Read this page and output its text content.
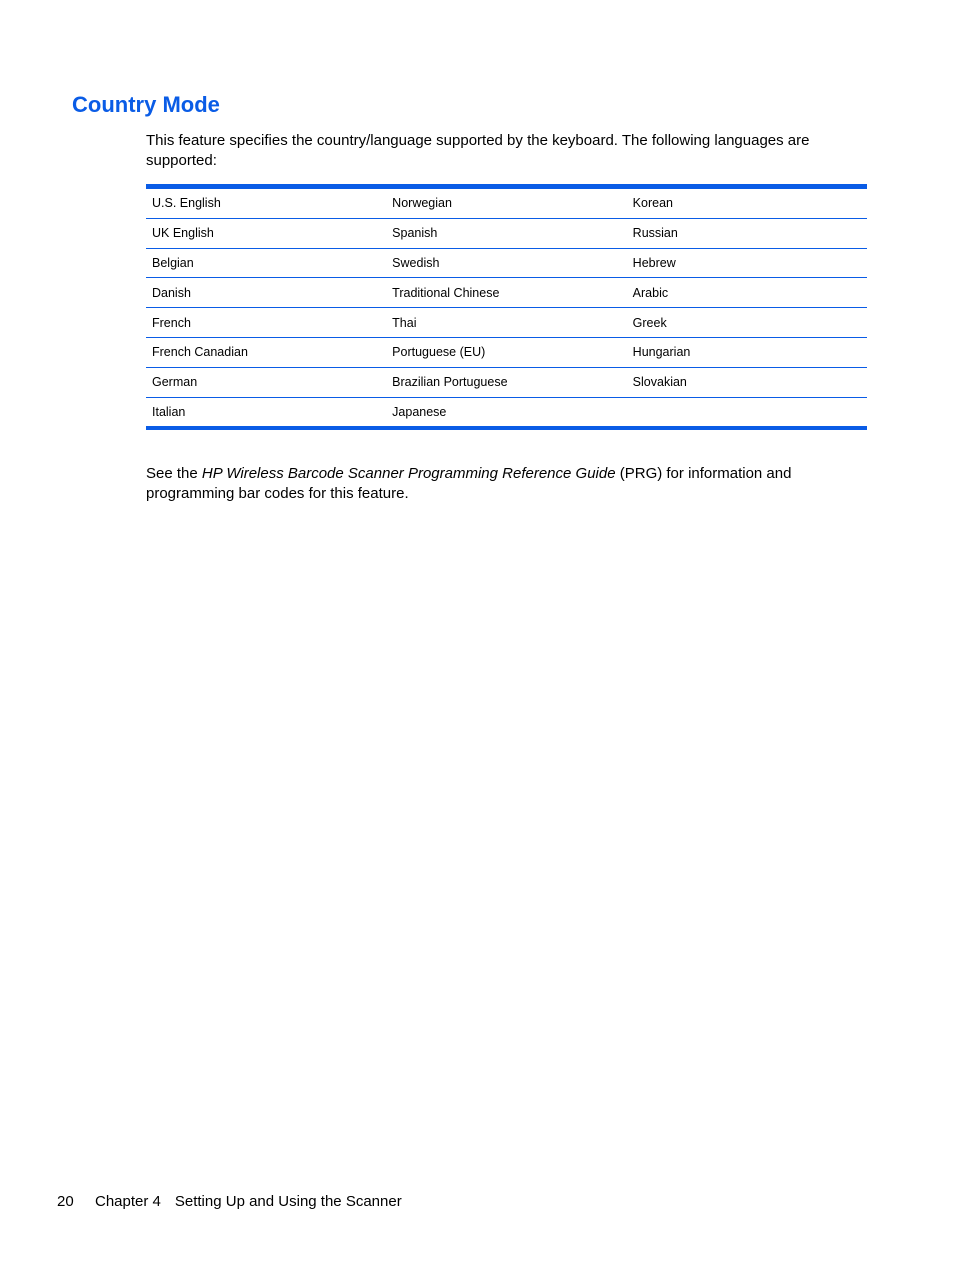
Country Mode

This feature specifies the country/language supported by the keyboard. The following languages are supported:

U.S. English	Norwegian	Korean
UK English	Spanish	Russian
Belgian	Swedish	Hebrew
Danish	Traditional Chinese	Arabic
French	Thai	Greek
French Canadian	Portuguese (EU)	Hungarian
German	Brazilian Portuguese	Slovakian
Italian	Japanese	

See the HP Wireless Barcode Scanner Programming Reference Guide (PRG) for information and programming bar codes for this feature.

20 Chapter 4 Setting Up and Using the Scanner
